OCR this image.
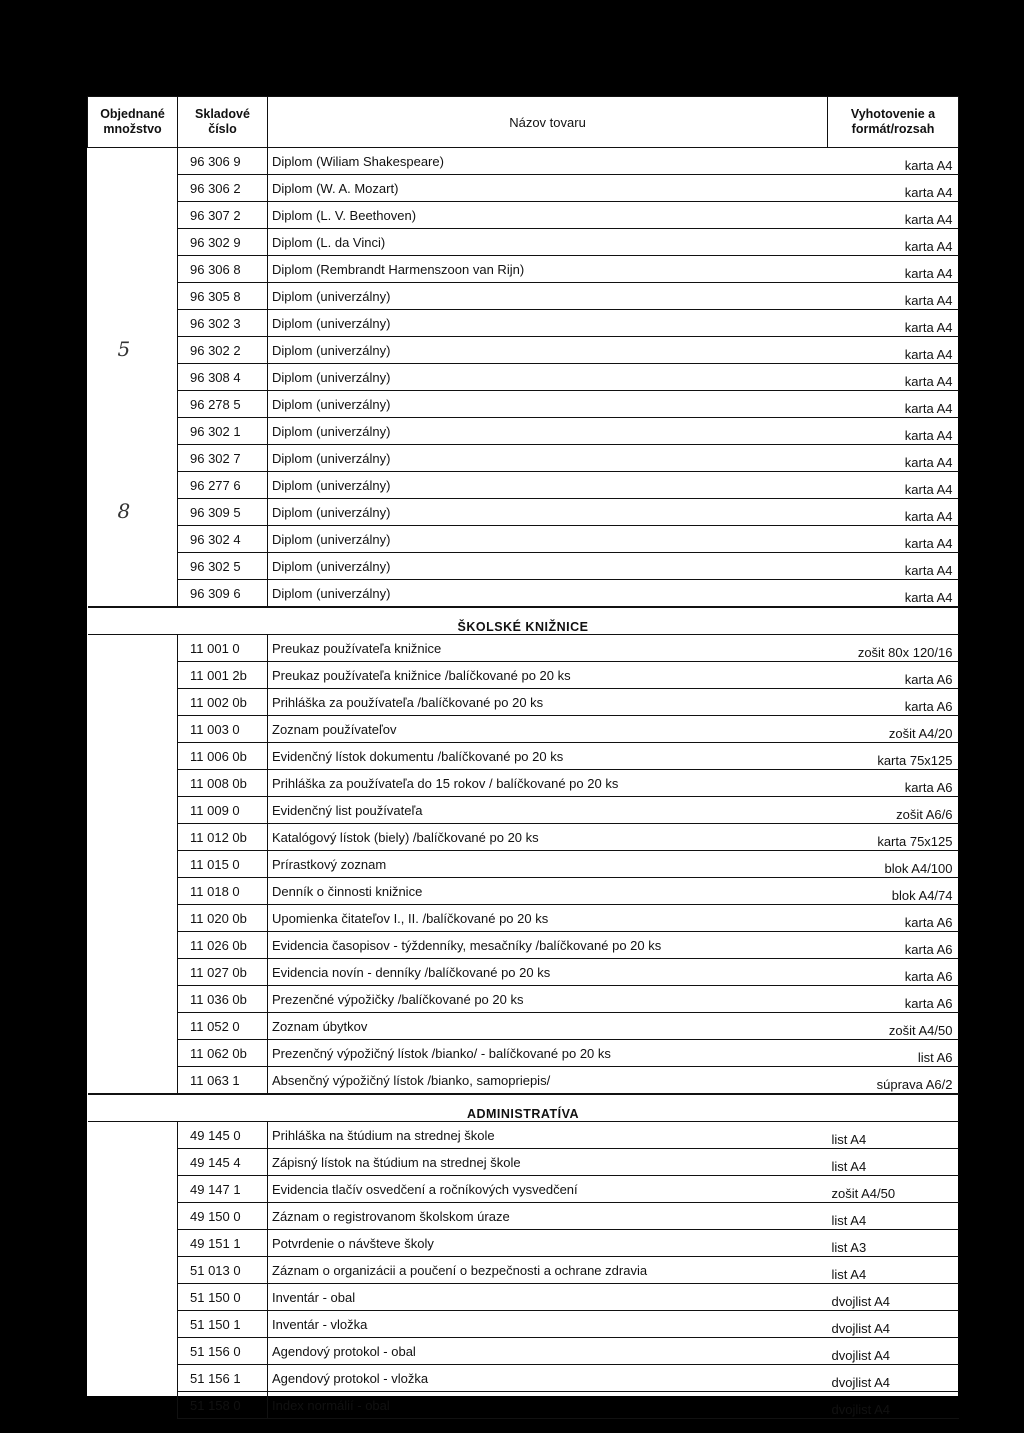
Objednané množstvo	Skladové číslo	Názov tovaru	Vyhotovenie a formát/rozsah
	96 306 9	Diplom (Wiliam Shakespeare)	karta A4
	96 306 2	Diplom (W. A. Mozart)	karta A4
	96 307 2	Diplom (L. V. Beethoven)	karta A4
	96 302 9	Diplom (L. da Vinci)	karta A4
	96 306 8	Diplom (Rembrandt Harmenszoon van Rijn)	karta A4
	96 305 8	Diplom (univerzálny)	karta A4
	96 302 3	Diplom (univerzálny)	karta A4

5	96 302 2	Diplom (univerzálny)	karta A4
	96 308 4	Diplom (univerzálny)	karta A4
	96 278 5	Diplom (univerzálny)	karta A4
	96 302 1	Diplom (univerzálny)	karta A4
	96 302 7	Diplom (univerzálny)	karta A4
	96 277 6	Diplom (univerzálny)	karta A4

8	96 309 5	Diplom (univerzálny)	karta A4
	96 302 4	Diplom (univerzálny)	karta A4
	96 302 5	Diplom (univerzálny)	karta A4
	96 309 6	Diplom (univerzálny)	karta A4
ŠKOLSKÉ KNIŽNICE			
	11 001 0	Preukaz používateľa knižnice	zošit 80x 120/16
	11 001 2b	Preukaz používateľa knižnice /balíčkované po 20 ks	karta A6
	11 002 0b	Prihláška za používateľa /balíčkované po 20 ks	karta A6
	11 003 0	Zoznam používateľov	zošit A4/20
	11 006 0b	Evidenčný lístok dokumentu /balíčkované po 20 ks	karta 75x125
	11 008 0b	Prihláška za používateľa do 15 rokov / balíčkované po 20 ks	karta A6
	11 009 0	Evidenčný list používateľa	zošit A6/6
	11 012 0b	Katalógový lístok (biely) /balíčkované po 20 ks	karta 75x125
	11 015 0	Prírastkový zoznam	blok A4/100
	11 018 0	Denník o činnosti knižnice	blok A4/74
	11 020 0b	Upomienka čitateľov I., II. /balíčkované po 20 ks	karta A6
	11 026 0b	Evidencia časopisov - týždenníky, mesačníky /balíčkované po 20 ks	karta A6
	11 027 0b	Evidencia novín - denníky /balíčkované po 20 ks	karta A6
	11 036 0b	Prezenčné výpožičky /balíčkované po 20 ks	karta A6
	11 052 0	Zoznam úbytkov	zošit A4/50
	11 062 0b	Prezenčný výpožičný lístok /bianko/ - balíčkované po 20 ks	list A6
	11 063 1	Absenčný výpožičný lístok /bianko, samopriepis/	súprava A6/2
ADMINISTRATÍVA			
	49 145 0	Prihláška na štúdium na strednej škole	list A4
	49 145 4	Zápisný lístok na štúdium na strednej škole	list A4
	49 147 1	Evidencia tlačív osvedčení a ročníkových vysvedčení	zošit A4/50
	49 150 0	Záznam o registrovanom školskom úraze	list A4
	49 151 1	Potvrdenie o návšteve školy	list A3
	51 013 0	Záznam o organizácii a poučení o bezpečnosti a ochrane zdravia	list A4
	51 150 0	Inventár - obal	dvojlist A4
	51 150 1	Inventár - vložka	dvojlist A4
	51 156 0	Agendový protokol - obal	dvojlist A4
	51 156 1	Agendový protokol - vložka	dvojlist A4
	51 158 0	Index normálií - obal	dvojlist A4
